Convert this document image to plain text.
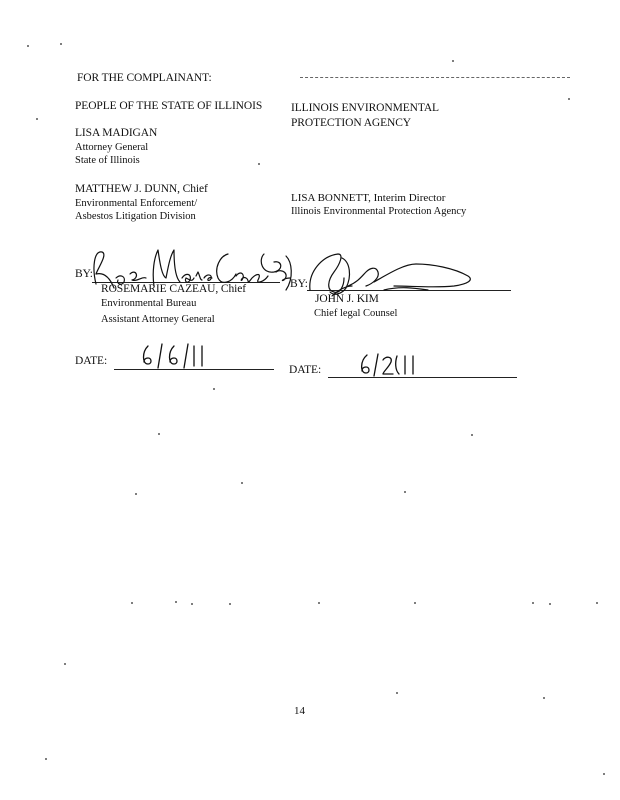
FOR THE COMPLAINANT:
PEOPLE OF THE STATE OF ILLINOIS
LISA MADIGAN
Attorney General
State of Illinois
MATTHEW J. DUNN, Chief
Environmental Enforcement/
Asbestos Litigation Division
BY:
ROSEMARIE CAZEAU, Chief
Environmental Bureau
Assistant Attorney General
DATE:
ILLINOIS ENVIRONMENTAL
PROTECTION AGENCY
LISA BONNETT, Interim Director
Illinois Environmental Protection Agency
BY:
JOHN J. KIM
Chief legal Counsel
DATE:
14
